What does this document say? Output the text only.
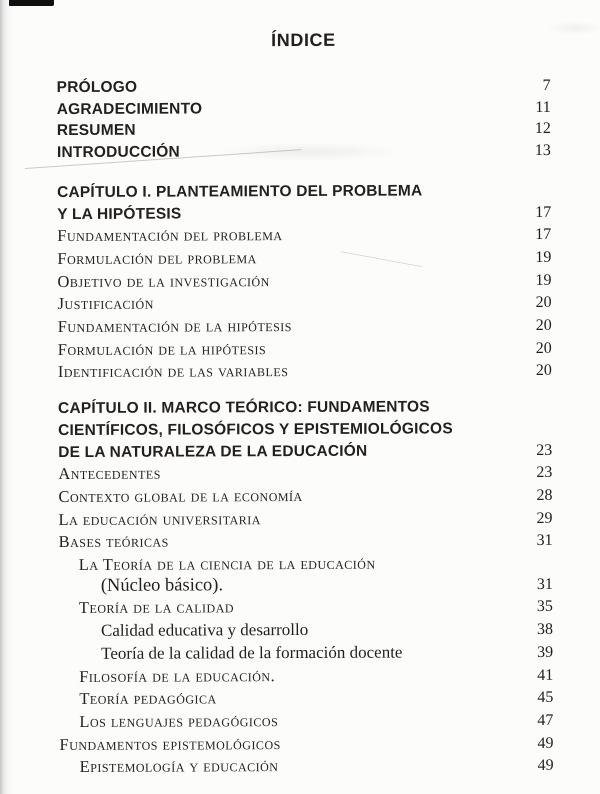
ÍNDICE
PRÓLOGO	7
AGRADECIMIENTO	11
RESUMEN	12
INTRODUCCIÓN	13
CAPÍTULO I. PLANTEAMIENTO DEL PROBLEMA
Y LA HIPÓTESIS	17
Fundamentación del problema	17
Formulación del problema	19
Objetivo de la investigación	19
Justificación	20
Fundamentación de la hipótesis	20
Formulación de la hipótesis	20
Identificación de las variables	20
CAPÍTULO II. MARCO TEÓRICO: FUNDAMENTOS
CIENTÍFICOS, FILOSÓFICOS Y EPISTEMIOLÓGICOS
DE LA NATURALEZA DE LA EDUCACIÓN	23
Antecedentes	23
Contexto global de la economía	28
La educación universitaria	29
Bases teóricas	31
La Teoría de la ciencia de la educación
(Núcleo básico).	31
Teoría de la calidad	35
Calidad educativa y desarrollo	38
Teoría de la calidad de la formación docente	39
Filosofía de la educación.	41
Teoría pedagógica	45
Los lenguajes pedagógicos	47
Fundamentos epistemológicos	49
Epistemología y educación	49
